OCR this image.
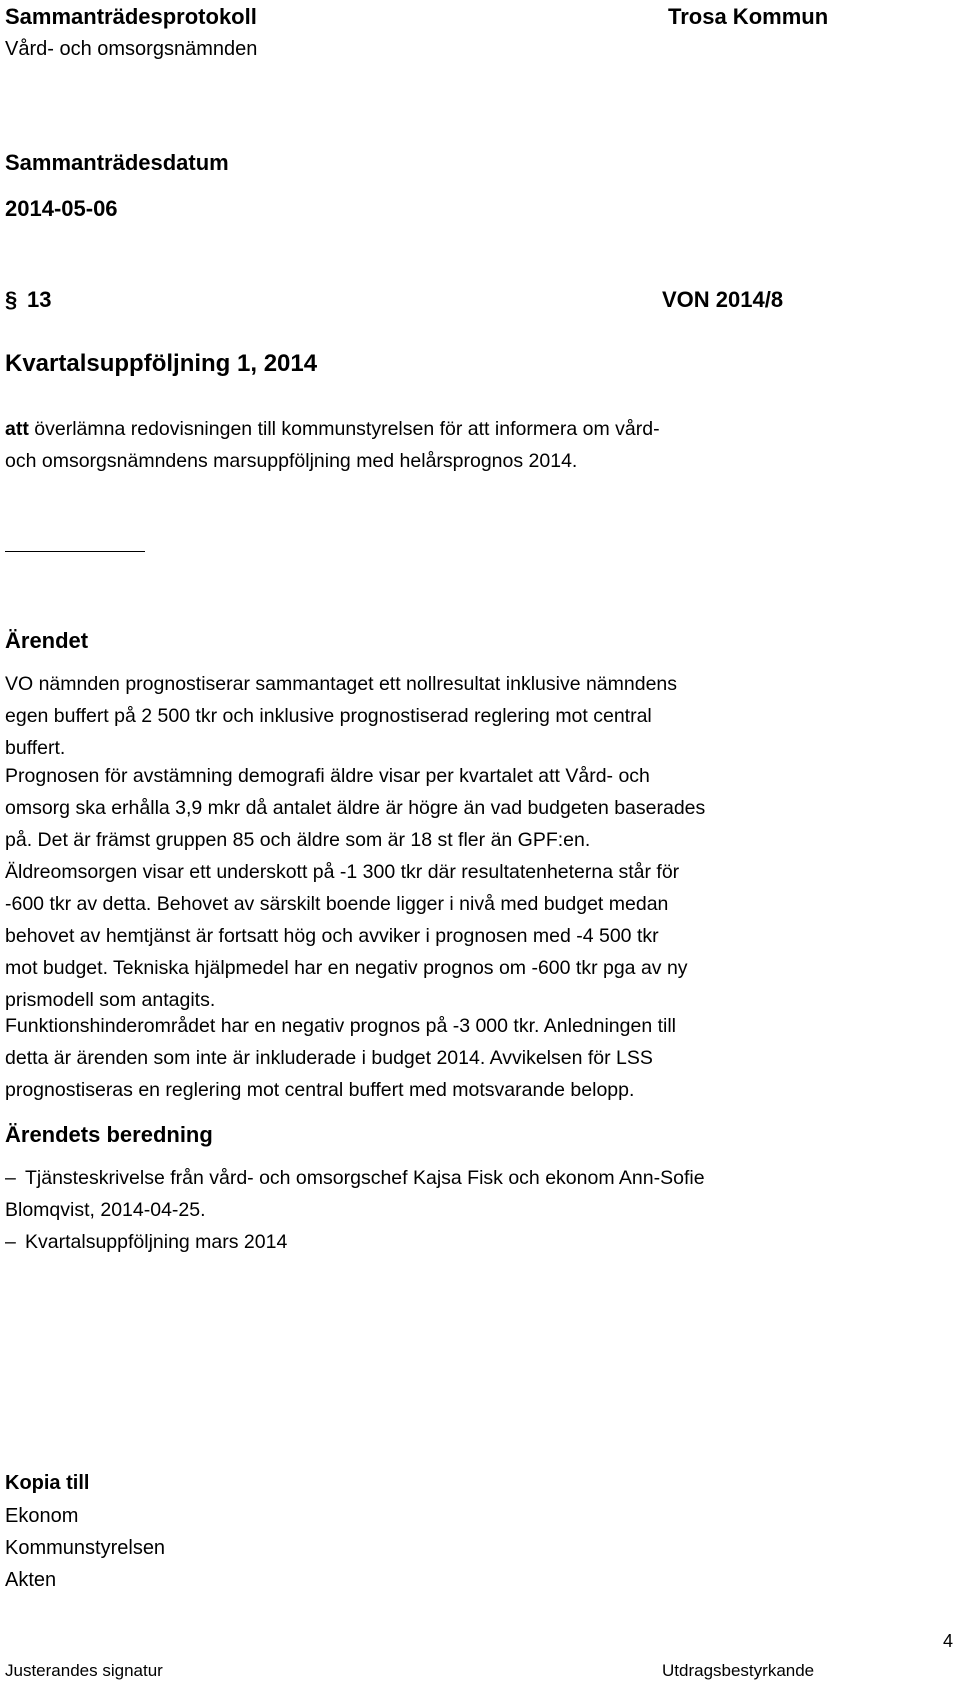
Sammanträdesprotokoll
Vård- och omsorgsnämnden
Trosa Kommun
Sammanträdesdatum
2014-05-06
§ 13	VON 2014/8
Kvartalsuppföljning 1, 2014
att överlämna redovisningen till kommunstyrelsen för att informera om vård-
och omsorgsnämndens marsuppföljning med helårsprognos 2014.
Ärendet
VO nämnden prognostiserar sammantaget ett nollresultat inklusive nämndens
egen buffert på 2 500 tkr och inklusive prognostiserad reglering mot central
buffert.
Prognosen för avstämning demografi äldre visar per kvartalet att Vård- och
omsorg ska erhålla 3,9 mkr då antalet äldre är högre än vad budgeten baserades
på. Det är främst gruppen 85 och äldre som är 18 st fler än GPF:en.
Äldreomsorgen visar ett underskott på -1 300 tkr där resultatenheterna står för
-600 tkr av detta. Behovet av särskilt boende ligger i nivå med budget medan
behovet av hemtjänst är fortsatt hög och avviker i prognosen med -4 500 tkr
mot budget. Tekniska hjälpmedel har en negativ prognos om -600 tkr pga av ny
prismodell som antagits.
Funktionshinderområdet har en negativ prognos på -3 000 tkr. Anledningen till
detta är ärenden som inte är inkluderade i budget 2014. Avvikelsen för LSS
prognostiseras en reglering mot central buffert med motsvarande belopp.
Ärendets beredning
– Tjänsteskrivelse från vård- och omsorgschef Kajsa Fisk och ekonom Ann-Sofie
Blomqvist, 2014-04-25.
– Kvartalsuppföljning mars 2014
Kopia till
Ekonom
Kommunstyrelsen
Akten
Justerandes signatur	Utdragsbestyrkande
4
